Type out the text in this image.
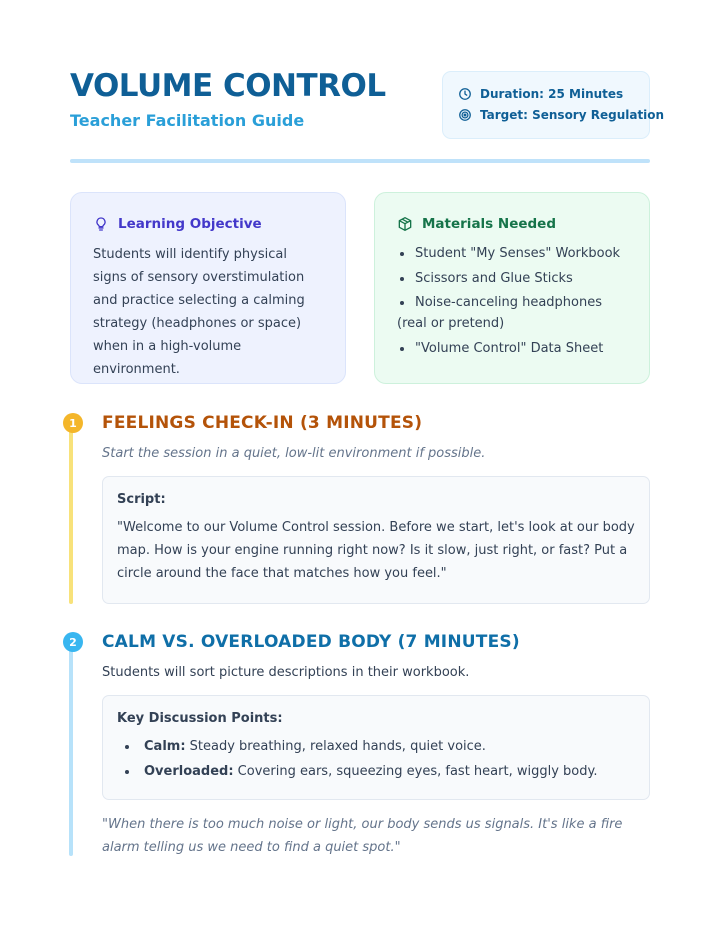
VOLUME CONTROL
Teacher Facilitation Guide
Duration: 25 Minutes
Target: Sensory Regulation
Learning Objective
Students will identify physical signs of sensory overstimulation and practice selecting a calming strategy (headphones or space) when in a high-volume environment.
Materials Needed
Student "My Senses" Workbook
Scissors and Glue Sticks
Noise-canceling headphones (real or pretend)
"Volume Control" Data Sheet
1	FEELINGS CHECK-IN (3 MINUTES)
Start the session in a quiet, low-lit environment if possible.
Script:
"Welcome to our Volume Control session. Before we start, let's look at our body map. How is your engine running right now? Is it slow, just right, or fast? Put a circle around the face that matches how you feel."
2	CALM VS. OVERLOADED BODY (7 MINUTES)
Students will sort picture descriptions in their workbook.
Key Discussion Points:
Calm: Steady breathing, relaxed hands, quiet voice.
Overloaded: Covering ears, squeezing eyes, fast heart, wiggly body.
"When there is too much noise or light, our body sends us signals. It's like a fire alarm telling us we need to find a quiet spot."
